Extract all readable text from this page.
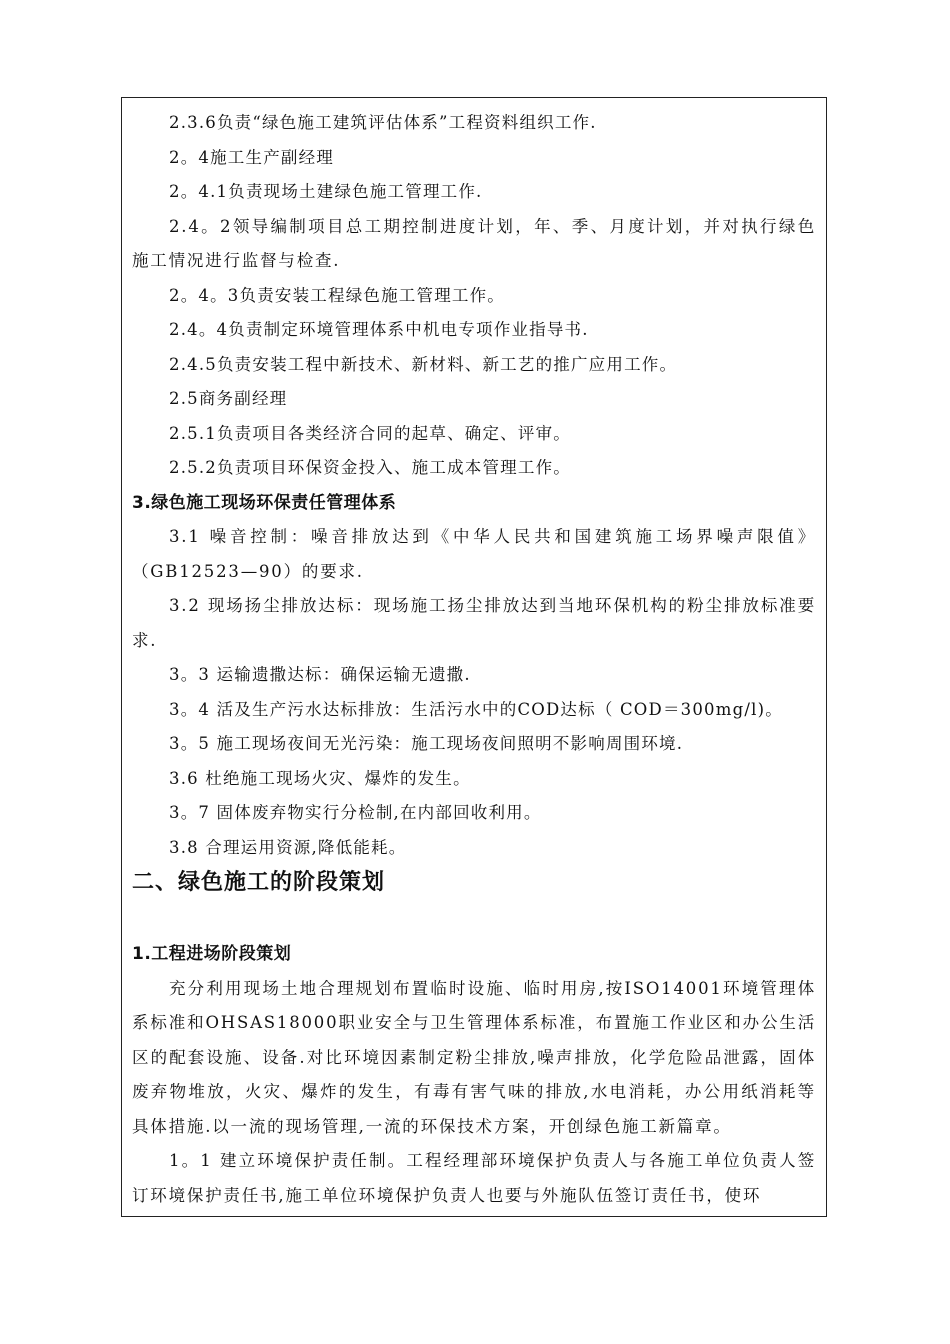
2.3.6负责“绿色施工建筑评估体系”工程资料组织工作.

2。4施工生产副经理

2。4.1负责现场土建绿色施工管理工作.

2.4。2领导编制项目总工期控制进度计划，年、季、月度计划，并对执行绿色施工情况进行监督与检查.

2。4。3负责安装工程绿色施工管理工作。

2.4。4负责制定环境管理体系中机电专项作业指导书.

2.4.5负责安装工程中新技术、新材料、新工艺的推广应用工作。

2.5商务副经理

2.5.1负责项目各类经济合同的起草、确定、评审。

2.5.2负责项目环保资金投入、施工成本管理工作。

3.绿色施工现场环保责任管理体系

3.1 噪音控制：噪音排放达到《中华人民共和国建筑施工场界噪声限值》（GB12523—90）的要求.

3.2 现场扬尘排放达标：现场施工扬尘排放达到当地环保机构的粉尘排放标准要求.

3。3 运输遗撒达标：确保运输无遗撒.

3。4 活及生产污水达标排放：生活污水中的COD达标（ COD＝300mg/l)。

3。5 施工现场夜间无光污染：施工现场夜间照明不影响周围环境.

3.6 杜绝施工现场火灾、爆炸的发生。

3。7 固体废弃物实行分检制,在内部回收利用。

3.8 合理运用资源,降低能耗。

二、绿色施工的阶段策划

1.工程进场阶段策划

充分利用现场土地合理规划布置临时设施、临时用房,按ISO14001环境管理体系标准和OHSAS18000职业安全与卫生管理体系标准，布置施工作业区和办公生活区的配套设施、设备.对比环境因素制定粉尘排放,噪声排放，化学危险品泄露，固体废弃物堆放，火灾、爆炸的发生，有毒有害气味的排放,水电消耗，办公用纸消耗等具体措施.以一流的现场管理,一流的环保技术方案，开创绿色施工新篇章。

1。1 建立环境保护责任制。工程经理部环境保护负责人与各施工单位负责人签订环境保护责任书,施工单位环境保护负责人也要与外施队伍签订责任书，使环
